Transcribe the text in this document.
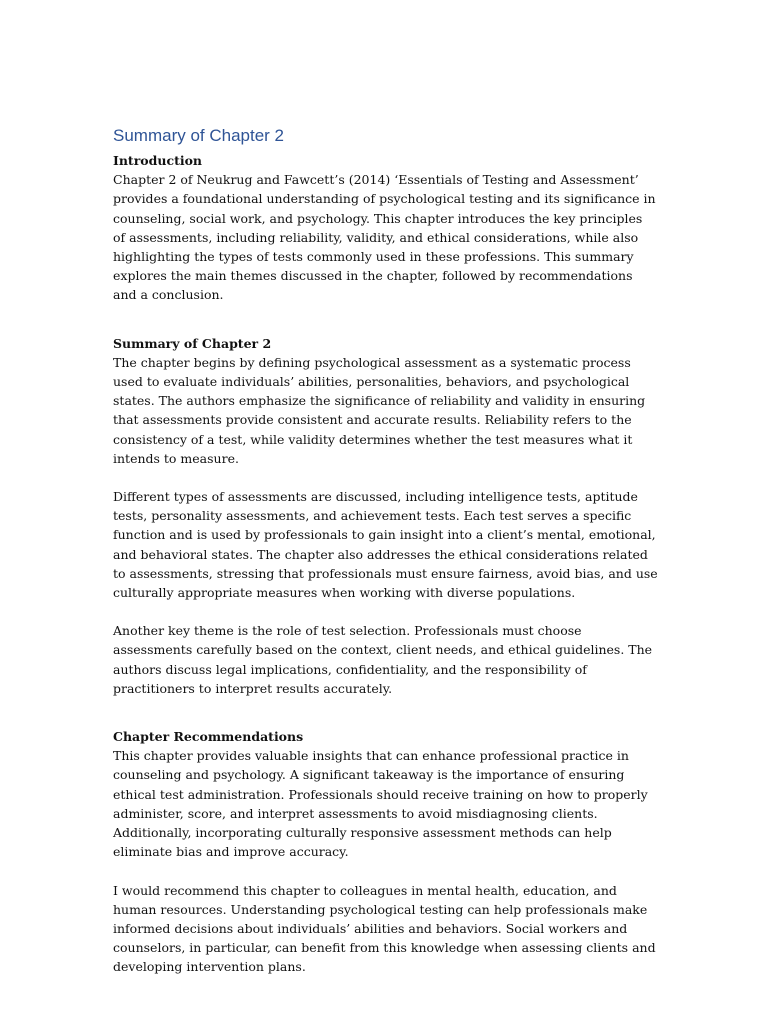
Summary of Chapter 2

Introduction

Chapter 2 of Neukrug and Fawcett’s (2014) ‘Essentials of Testing and Assessment’ provides a foundational understanding of psychological testing and its significance in counseling, social work, and psychology. This chapter introduces the key principles of assessments, including reliability, validity, and ethical considerations, while also highlighting the types of tests commonly used in these professions. This summary explores the main themes discussed in the chapter, followed by recommendations and a conclusion.

Summary of Chapter 2

The chapter begins by defining psychological assessment as a systematic process used to evaluate individuals’ abilities, personalities, behaviors, and psychological states. The authors emphasize the significance of reliability and validity in ensuring that assessments provide consistent and accurate results. Reliability refers to the consistency of a test, while validity determines whether the test measures what it intends to measure.

Different types of assessments are discussed, including intelligence tests, aptitude tests, personality assessments, and achievement tests. Each test serves a specific function and is used by professionals to gain insight into a client’s mental, emotional, and behavioral states. The chapter also addresses the ethical considerations related to assessments, stressing that professionals must ensure fairness, avoid bias, and use culturally appropriate measures when working with diverse populations.

Another key theme is the role of test selection. Professionals must choose assessments carefully based on the context, client needs, and ethical guidelines. The authors discuss legal implications, confidentiality, and the responsibility of practitioners to interpret results accurately.

Chapter Recommendations

This chapter provides valuable insights that can enhance professional practice in counseling and psychology. A significant takeaway is the importance of ensuring ethical test administration. Professionals should receive training on how to properly administer, score, and interpret assessments to avoid misdiagnosing clients. Additionally, incorporating culturally responsive assessment methods can help eliminate bias and improve accuracy.

I would recommend this chapter to colleagues in mental health, education, and human resources. Understanding psychological testing can help professionals make informed decisions about individuals’ abilities and behaviors. Social workers and counselors, in particular, can benefit from this knowledge when assessing clients and developing intervention plans.
